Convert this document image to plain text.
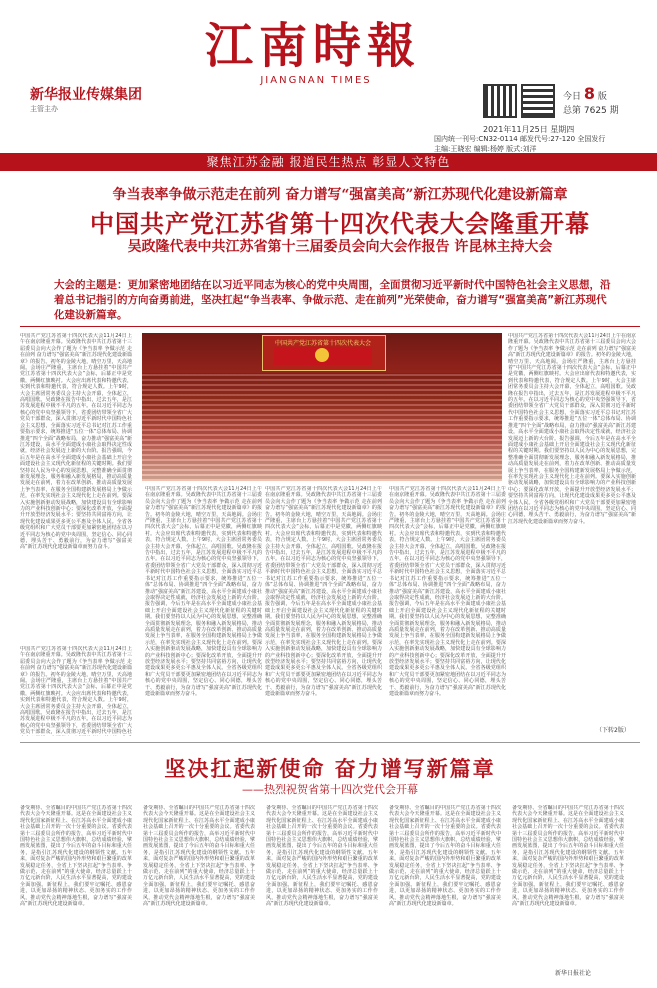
江南時報
JIANGNAN TIMES
新华报业传媒集团
主管主办
今日 8 版
总第 7625 期
2021年11月25日 星期四
国内统一刊号:CN32-0114 邮发代号:27-120 全国发行
主编:王晓宏 编辑:杨婷 版式:刘洋
聚焦江苏金融 报道民生热点 彰显人文特色
争当表率争做示范走在前列 奋力谱写“强富美高”新江苏现代化建设新篇章
中国共产党江苏省第十四次代表大会隆重开幕
吴政隆代表中共江苏省第十三届委员会向大会作报告 许昆林主持大会
大会的主题是：更加紧密地团结在以习近平同志为核心的党中央周围，全面贯彻习近平新时代中国特色社会主义思想，沿着总书记指引的方向奋勇前进，坚决扛起“争当表率、争做示范、走在前列”光荣使命，奋力谱写“强富美高”新江苏现代化建设新篇章。
中国共产党江苏省第十四次代表大会
中国共产党江苏省第十四次代表大会11月24日上午在南京隆重开幕。吴政隆代表中共江苏省第十三届委员会向大会作了题为《争当表率 争做示范 走在前列 奋力谱写“强富美高”新江苏现代化建设新篇章》的报告。初冬的金陵大地，晴空万里，天高地阔。会场庄严隆重，主席台上方悬挂着“中国共产党江苏省第十四次代表大会”会标，后幕正中是党徽，两侧红旗映衬。大会应出席代表和特邀代表，实到代表和特邀代表，符合规定人数。上午9时，大会主席团常务委员会主持大会开幕，全体起立，高唱国歌。吴政隆在报告中指出，过去五年，是江苏发展进程中极不平凡的五年。在以习近平同志为核心的党中央坚强领导下，省委团结带领全省广大党员干部群众，深入贯彻习近平新时代中国特色社会主义思想，全面落实习近平总书记对江苏工作重要指示要求，统筹推进“五位一体”总体布局、协调推进“四个全面”战略布局，奋力推动“强富美高”新江苏建设，高水平全面建成小康社会取得决定性成就，经济社会发展迈上新的大台阶。报告强调，今后五年是在高水平全面建成小康社会基础上开启全面建设社会主义现代化新征程的关键时期。我们要坚持以人民为中心的发展思想，完整准确全面贯彻新发展理念，服务和融入新发展格局，推动高质量发展走在前列，着力在改革创新、推动高质量发展上争当表率，在服务全国构建新发展格局上争做示范，在率先实现社会主义现代化上走在前列。要深入实施创新驱动发展战略，加快建设具有全球影响力的产业科技创新中心；要深化改革开放，全面提升开放型经济发展水平；要坚持共同富裕方向，让现代化建设成果更多更公平惠及全体人民。全省各级党组织和广大党员干部要更加紧密地团结在以习近平同志为核心的党中央周围，坚定信心、同心同德，埋头苦干、勇毅前行，为奋力谱写“强富美高”新江苏现代化建设新篇章而努力奋斗。
中国共产党江苏省第十四次代表大会11月24日上午在南京隆重开幕。吴政隆代表中共江苏省第十三届委员会向大会作了题为《争当表率 争做示范 走在前列 奋力谱写“强富美高”新江苏现代化建设新篇章》的报告。初冬的金陵大地，晴空万里，天高地阔。会场庄严隆重，主席台上方悬挂着“中国共产党江苏省第十四次代表大会”会标，后幕正中是党徽，两侧红旗映衬。大会应出席代表和特邀代表，实到代表和特邀代表，符合规定人数。上午9时，大会主席团常务委员会主持大会开幕，全体起立，高唱国歌。吴政隆在报告中指出，过去五年，是江苏发展进程中极不平凡的五年。在以习近平同志为核心的党中央坚强领导下，省委团结带领全省广大党员干部群众，深入贯彻习近平新时代中国特色社
中国共产党江苏省第十四次代表大会11月24日上午在南京隆重开幕。吴政隆代表中共江苏省第十三届委员会向大会作了题为《争当表率 争做示范 走在前列 奋力谱写“强富美高”新江苏现代化建设新篇章》的报告。初冬的金陵大地，晴空万里，天高地阔。会场庄严隆重，主席台上方悬挂着“中国共产党江苏省第十四次代表大会”会标，后幕正中是党徽，两侧红旗映衬。大会应出席代表和特邀代表，实到代表和特邀代表，符合规定人数。上午9时，大会主席团常务委员会主持大会开幕，全体起立，高唱国歌。吴政隆在报告中指出，过去五年，是江苏发展进程中极不平凡的五年。在以习近平同志为核心的党中央坚强领导下，省委团结带领全省广大党员干部群众，深入贯彻习近平新时代中国特色社会主义思想，全面落实习近平总书记对江苏工作重要指示要求，统筹推进“五位一体”总体布局、协调推进“四个全面”战略布局，奋力推动“强富美高”新江苏建设，高水平全面建成小康社会取得决定性成就，经济社会发展迈上新的大台阶。报告强调，今后五年是在高水平全面建成小康社会基础上开启全面建设社会主义现代化新征程的关键时期。我们要坚持以人民为中心的发展思想，完整准确全面贯彻新发展理念，服务和融入新发展格局，推动高质量发展走在前列，着力在改革创新、推动高质量发展上争当表率，在服务全国构建新发展格局上争做示范，在率先实现社会主义现代化上走在前列。要深入实施创新驱动发展战略，加快建设具有全球影响力的产业科技创新中心；要深化改革开放，全面提升开放型经济发展水平；要坚持共同富裕方向，让现代化建设成果更多更公平惠及全体人民。全省各级党组织和广大党员干部要更加紧密地团结在以习近平同志为核心的党中央周围，坚定信心、同心同德，埋头苦干、勇毅前行，为奋力谱写“强富美高”新江苏现代化建设新篇章而努力奋斗。
中国共产党江苏省第十四次代表大会11月24日上午在南京隆重开幕。吴政隆代表中共江苏省第十三届委员会向大会作了题为《争当表率 争做示范 走在前列 奋力谱写“强富美高”新江苏现代化建设新篇章》的报告。初冬的金陵大地，晴空万里，天高地阔。会场庄严隆重，主席台上方悬挂着“中国共产党江苏省第十四次代表大会”会标，后幕正中是党徽，两侧红旗映衬。大会应出席代表和特邀代表，实到代表和特邀代表，符合规定人数。上午9时，大会主席团常务委员会主持大会开幕，全体起立，高唱国歌。吴政隆在报告中指出，过去五年，是江苏发展进程中极不平凡的五年。在以习近平同志为核心的党中央坚强领导下，省委团结带领全省广大党员干部群众，深入贯彻习近平新时代中国特色社会主义思想，全面落实习近平总书记对江苏工作重要指示要求，统筹推进“五位一体”总体布局、协调推进“四个全面”战略布局，奋力推动“强富美高”新江苏建设，高水平全面建成小康社会取得决定性成就，经济社会发展迈上新的大台阶。报告强调，今后五年是在高水平全面建成小康社会基础上开启全面建设社会主义现代化新征程的关键时期。我们要坚持以人民为中心的发展思想，完整准确全面贯彻新发展理念，服务和融入新发展格局，推动高质量发展走在前列，着力在改革创新、推动高质量发展上争当表率，在服务全国构建新发展格局上争做示范，在率先实现社会主义现代化上走在前列。要深入实施创新驱动发展战略，加快建设具有全球影响力的产业科技创新中心；要深化改革开放，全面提升开放型经济发展水平；要坚持共同富裕方向，让现代化建设成果更多更公平惠及全体人民。全省各级党组织和广大党员干部要更加紧密地团结在以习近平同志为核心的党中央周围，坚定信心、同心同德，埋头苦干、勇毅前行，为奋力谱写“强富美高”新江苏现代化建设新篇章而努力奋斗。
中国共产党江苏省第十四次代表大会11月24日上午在南京隆重开幕。吴政隆代表中共江苏省第十三届委员会向大会作了题为《争当表率 争做示范 走在前列 奋力谱写“强富美高”新江苏现代化建设新篇章》的报告。初冬的金陵大地，晴空万里，天高地阔。会场庄严隆重，主席台上方悬挂着“中国共产党江苏省第十四次代表大会”会标，后幕正中是党徽，两侧红旗映衬。大会应出席代表和特邀代表，实到代表和特邀代表，符合规定人数。上午9时，大会主席团常务委员会主持大会开幕，全体起立，高唱国歌。吴政隆在报告中指出，过去五年，是江苏发展进程中极不平凡的五年。在以习近平同志为核心的党中央坚强领导下，省委团结带领全省广大党员干部群众，深入贯彻习近平新时代中国特色社会主义思想，全面落实习近平总书记对江苏工作重要指示要求，统筹推进“五位一体”总体布局、协调推进“四个全面”战略布局，奋力推动“强富美高”新江苏建设，高水平全面建成小康社会取得决定性成就，经济社会发展迈上新的大台阶。报告强调，今后五年是在高水平全面建成小康社会基础上开启全面建设社会主义现代化新征程的关键时期。我们要坚持以人民为中心的发展思想，完整准确全面贯彻新发展理念，服务和融入新发展格局，推动高质量发展走在前列，着力在改革创新、推动高质量发展上争当表率，在服务全国构建新发展格局上争做示范，在率先实现社会主义现代化上走在前列。要深入实施创新驱动发展战略，加快建设具有全球影响力的产业科技创新中心；要深化改革开放，全面提升开放型经济发展水平；要坚持共同富裕方向，让现代化建设成果更多更公平惠及全体人民。全省各级党组织和广大党员干部要更加紧密地团结在以习近平同志为核心的党中央周围，坚定信心、同心同德，埋头苦干、勇毅前行，为奋力谱写“强富美高”新江苏现代化建设新篇章而努力奋斗。
中国共产党江苏省第十四次代表大会11月24日上午在南京隆重开幕。吴政隆代表中共江苏省第十三届委员会向大会作了题为《争当表率 争做示范 走在前列 奋力谱写“强富美高”新江苏现代化建设新篇章》的报告。初冬的金陵大地，晴空万里，天高地阔。会场庄严隆重，主席台上方悬挂着“中国共产党江苏省第十四次代表大会”会标，后幕正中是党徽，两侧红旗映衬。大会应出席代表和特邀代表，实到代表和特邀代表，符合规定人数。上午9时，大会主席团常务委员会主持大会开幕，全体起立，高唱国歌。吴政隆在报告中指出，过去五年，是江苏发展进程中极不平凡的五年。在以习近平同志为核心的党中央坚强领导下，省委团结带领全省广大党员干部群众，深入贯彻习近平新时代中国特色社会主义思想，全面落实习近平总书记对江苏工作重要指示要求，统筹推进“五位一体”总体布局、协调推进“四个全面”战略布局，奋力推动“强富美高”新江苏建设，高水平全面建成小康社会取得决定性成就，经济社会发展迈上新的大台阶。报告强调，今后五年是在高水平全面建成小康社会基础上开启全面建设社会主义现代化新征程的关键时期。我们要坚持以人民为中心的发展思想，完整准确全面贯彻新发展理念，服务和融入新发展格局，推动高质量发展走在前列，着力在改革创新、推动高质量发展上争当表率，在服务全国构建新发展格局上争做示范，在率先实现社会主义现代化上走在前列。要深入实施创新驱动发展战略，加快建设具有全球影响力的产业科技创新中心；要深化改革开放，全面提升开放型经济发展水平；要坚持共同富裕方向，让现代化建设成果更多更公平惠及全体人民。全省各级党组织和广大党员干部要更加紧密地团结在以习近平同志为核心的党中央周围，坚定信心、同心同德，埋头苦干、勇毅前行，为奋力谱写“强富美高”新江苏现代化建设新篇章而努力奋斗。
（下转2版）
坚决扛起新使命 奋力谱写新篇章
——热烈祝贺省第十四次党代会开幕
备受期待、全省瞩目的中国共产党江苏省第十四次代表大会今天隆重开幕。这是在全面建设社会主义现代化国家新征程上、在江苏高水平全面建成小康社会基础上召开的一次十分重要的会议。省委代表第十三届委员会所作的报告，高举习近平新时代中国特色社会主义思想伟大旗帜，总结成绩经验，擘画发展蓝图，提出了今后五年的奋斗目标和重大任务，是指引江苏现代化建设的纲领性文献。五年来，面对复杂严峻的国内外形势和艰巨繁重的改革发展稳定任务，全省上下坚决扛起“争当表率、争做示范、走在前列”的重大使命，经济总量跃上十万亿元新台阶，人民生活水平显著提高，党的建设全面加强。新征程上，我们要牢记嘱托、感恩奋进，以更加昂扬的精神状态、更加务实的工作作风，推动党代会精神落地生根，奋力谱写“强富美高”新江苏现代化建设新篇章。
备受期待、全省瞩目的中国共产党江苏省第十四次代表大会今天隆重开幕。这是在全面建设社会主义现代化国家新征程上、在江苏高水平全面建成小康社会基础上召开的一次十分重要的会议。省委代表第十三届委员会所作的报告，高举习近平新时代中国特色社会主义思想伟大旗帜，总结成绩经验，擘画发展蓝图，提出了今后五年的奋斗目标和重大任务，是指引江苏现代化建设的纲领性文献。五年来，面对复杂严峻的国内外形势和艰巨繁重的改革发展稳定任务，全省上下坚决扛起“争当表率、争做示范、走在前列”的重大使命，经济总量跃上十万亿元新台阶，人民生活水平显著提高，党的建设全面加强。新征程上，我们要牢记嘱托、感恩奋进，以更加昂扬的精神状态、更加务实的工作作风，推动党代会精神落地生根，奋力谱写“强富美高”新江苏现代化建设新篇章。
备受期待、全省瞩目的中国共产党江苏省第十四次代表大会今天隆重开幕。这是在全面建设社会主义现代化国家新征程上、在江苏高水平全面建成小康社会基础上召开的一次十分重要的会议。省委代表第十三届委员会所作的报告，高举习近平新时代中国特色社会主义思想伟大旗帜，总结成绩经验，擘画发展蓝图，提出了今后五年的奋斗目标和重大任务，是指引江苏现代化建设的纲领性文献。五年来，面对复杂严峻的国内外形势和艰巨繁重的改革发展稳定任务，全省上下坚决扛起“争当表率、争做示范、走在前列”的重大使命，经济总量跃上十万亿元新台阶，人民生活水平显著提高，党的建设全面加强。新征程上，我们要牢记嘱托、感恩奋进，以更加昂扬的精神状态、更加务实的工作作风，推动党代会精神落地生根，奋力谱写“强富美高”新江苏现代化建设新篇章。
备受期待、全省瞩目的中国共产党江苏省第十四次代表大会今天隆重开幕。这是在全面建设社会主义现代化国家新征程上、在江苏高水平全面建成小康社会基础上召开的一次十分重要的会议。省委代表第十三届委员会所作的报告，高举习近平新时代中国特色社会主义思想伟大旗帜，总结成绩经验，擘画发展蓝图，提出了今后五年的奋斗目标和重大任务，是指引江苏现代化建设的纲领性文献。五年来，面对复杂严峻的国内外形势和艰巨繁重的改革发展稳定任务，全省上下坚决扛起“争当表率、争做示范、走在前列”的重大使命，经济总量跃上十万亿元新台阶，人民生活水平显著提高，党的建设全面加强。新征程上，我们要牢记嘱托、感恩奋进，以更加昂扬的精神状态、更加务实的工作作风，推动党代会精神落地生根，奋力谱写“强富美高”新江苏现代化建设新篇章。
备受期待、全省瞩目的中国共产党江苏省第十四次代表大会今天隆重开幕。这是在全面建设社会主义现代化国家新征程上、在江苏高水平全面建成小康社会基础上召开的一次十分重要的会议。省委代表第十三届委员会所作的报告，高举习近平新时代中国特色社会主义思想伟大旗帜，总结成绩经验，擘画发展蓝图，提出了今后五年的奋斗目标和重大任务，是指引江苏现代化建设的纲领性文献。五年来，面对复杂严峻的国内外形势和艰巨繁重的改革发展稳定任务，全省上下坚决扛起“争当表率、争做示范、走在前列”的重大使命，经济总量跃上十万亿元新台阶，人民生活水平显著提高，党的建设全面加强。新征程上，我们要牢记嘱托、感恩奋进，以更加昂扬的精神状态、更加务实的工作作风，推动党代会精神落地生根，奋力谱写“强富美高”新江苏现代化建设新篇章。
新华日报社论
